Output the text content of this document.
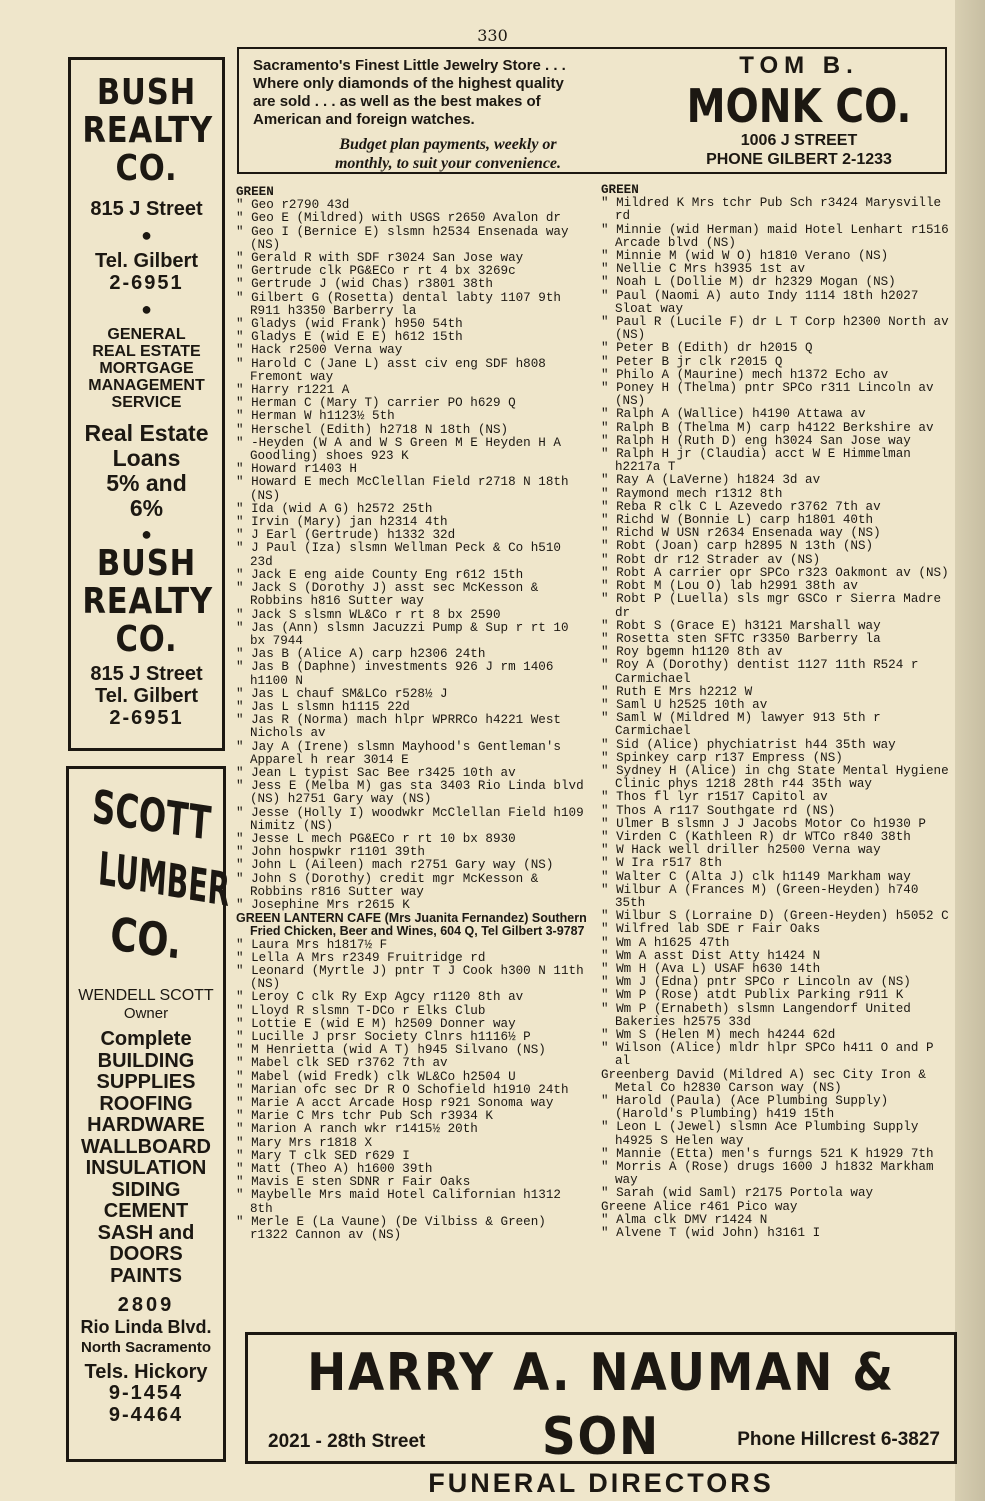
330
BUSH
REALTY
CO.
815 J Street
●
Tel. Gilbert
2-6951
●
GENERAL
REAL ESTATE
MORTGAGE
MANAGEMENT
SERVICE
Real Estate
Loans
5% and
6%
●
BUSH
REALTY
CO.
815 J Street
Tel. Gilbert
2-6951
SCOTT
LUMBER
CO.
WENDELL SCOTT
Owner
Complete
BUILDING
SUPPLIES
ROOFING
HARDWARE
WALLBOARD
INSULATION
SIDING
CEMENT
SASH and
DOORS
PAINTS
2809
Rio Linda Blvd.
North Sacramento
Tels. Hickory
9-1454
9-4464
Sacramento's Finest Little Jewelry Store . . .
Where only diamonds of the highest quality
are sold . . . as well as the best makes of
American and foreign watches.
Budget plan payments, weekly or
monthly, to suit your convenience.
TOM B.
MONK CO.
1006 J STREET
PHONE GILBERT 2-1233
GREEN
" Geo r2790 43d
" Geo E (Mildred) with USGS r2650 Avalon dr
" Geo I (Bernice E) slsmn h2534 Ensenada way (NS)
" Gerald R with SDF r3024 San Jose way
" Gertrude clk PG&ECo r rt 4 bx 3269c
" Gertrude J (wid Chas) r3801 38th
" Gilbert G (Rosetta) dental labty 1107 9th R911 h3350 Barberry la
" Gladys (wid Frank) h950 54th
" Gladys E (wid E E) h612 15th
" Hack r2500 Verna way
" Harold C (Jane L) asst civ eng SDF h808 Fremont way
" Harry r1221 A
" Herman C (Mary T) carrier PO h629 Q
" Herman W h1123½ 5th
" Herschel (Edith) h2718 N 18th (NS)
" -Heyden (W A and W S Green M E Heyden H A Goodling) shoes 923 K
" Howard r1403 H
" Howard E mech McClellan Field r2718 N 18th (NS)
" Ida (wid A G) h2572 25th
" Irvin (Mary) jan h2314 4th
" J Earl (Gertrude) h1332 32d
" J Paul (Iza) slsmn Wellman Peck & Co h510 23d
" Jack E eng aide County Eng r612 15th
" Jack S (Dorothy J) asst sec McKesson & Robbins h816 Sutter way
" Jack S slsmn WL&Co r rt 8 bx 2590
" Jas (Ann) slsmn Jacuzzi Pump & Sup r rt 10 bx 7944
" Jas B (Alice A) carp h2306 24th
" Jas B (Daphne) investments 926 J rm 1406 h1100 N
" Jas L chauf SM&LCo r528½ J
" Jas L slsmn h1115 22d
" Jas R (Norma) mach hlpr WPRRCo h4221 West Nichols av
" Jay A (Irene) slsmn Mayhood's Gentleman's Apparel h rear 3014 E
" Jean L typist Sac Bee r3425 10th av
" Jess E (Melba M) gas sta 3403 Rio Linda blvd (NS) h2751 Gary way (NS)
" Jesse (Holly I) woodwkr McClellan Field h109 Nimitz (NS)
" Jesse L mech PG&ECo r rt 10 bx 8930
" John hospwkr r1101 39th
" John L (Aileen) mach r2751 Gary way (NS)
" John S (Dorothy) credit mgr McKesson & Robbins r816 Sutter way
" Josephine Mrs r2615 K
GREEN LANTERN CAFE (Mrs Juanita Fernandez) Southern Fried Chicken, Beer and Wines, 604 Q, Tel Gilbert 3-9787
" Laura Mrs h1817½ F
" Lella A Mrs r2349 Fruitridge rd
" Leonard (Myrtle J) pntr T J Cook h300 N 11th (NS)
" Leroy C clk Ry Exp Agcy r1120 8th av
" Lloyd R slsmn T-DCo r Elks Club
" Lottie E (wid E M) h2509 Donner way
" Lucille J prsr Society Clnrs h1116½ P
" M Henrietta (wid A T) h945 Silvano (NS)
" Mabel clk SED r3762 7th av
" Mabel (wid Fredk) clk WL&Co h2504 U
" Marian ofc sec Dr R O Schofield h1910 24th
" Marie A acct Arcade Hosp r921 Sonoma way
" Marie C Mrs tchr Pub Sch r3934 K
" Marion A ranch wkr r1415½ 20th
" Mary Mrs r1818 X
" Mary T clk SED r629 I
" Matt (Theo A) h1600 39th
" Mavis E sten SDNR r Fair Oaks
" Maybelle Mrs maid Hotel Californian h1312 8th
" Merle E (La Vaune) (De Vilbiss & Green) r1322 Cannon av (NS)
GREEN
" Mildred K Mrs tchr Pub Sch r3424 Marysville rd
" Minnie (wid Herman) maid Hotel Lenhart r1516 Arcade blvd (NS)
" Minnie M (wid W O) h1810 Verano (NS)
" Nellie C Mrs h3935 1st av
" Noah L (Dollie M) dr h2329 Mogan (NS)
" Paul (Naomi A) auto Indy 1114 18th h2027 Sloat way
" Paul R (Lucile F) dr L T Corp h2300 North av (NS)
" Peter B (Edith) dr h2015 Q
" Peter B jr clk r2015 Q
" Philo A (Maurine) mech h1372 Echo av
" Poney H (Thelma) pntr SPCo r311 Lincoln av (NS)
" Ralph A (Wallice) h4190 Attawa av
" Ralph B (Thelma M) carp h4122 Berkshire av
" Ralph H (Ruth D) eng h3024 San Jose way
" Ralph H jr (Claudia) acct W E Himmelman h2217a T
" Ray A (LaVerne) h1824 3d av
" Raymond mech r1312 8th
" Reba R clk C L Azevedo r3762 7th av
" Richd W (Bonnie L) carp h1801 40th
" Richd W USN r2634 Ensenada way (NS)
" Robt (Joan) carp h2895 N 13th (NS)
" Robt dr r12 Strader av (NS)
" Robt A carrier opr SPCo r323 Oakmont av (NS)
" Robt M (Lou O) lab h2991 38th av
" Robt P (Luella) sls mgr GSCo r Sierra Madre dr
" Robt S (Grace E) h3121 Marshall way
" Rosetta sten SFTC r3350 Barberry la
" Roy bgemn h1120 8th av
" Roy A (Dorothy) dentist 1127 11th R524 r Carmichael
" Ruth E Mrs h2212 W
" Saml U h2525 10th av
" Saml W (Mildred M) lawyer 913 5th r Carmichael
" Sid (Alice) phychiatrist h44 35th way
" Spinkey carp r137 Empress (NS)
" Sydney H (Alice) in chg State Mental Hygiene Clinic phys 1218 28th r44 35th way
" Thos fl lyr r1517 Capitol av
" Thos A r117 Southgate rd (NS)
" Ulmer B slsmn J J Jacobs Motor Co h1930 P
" Virden C (Kathleen R) dr WTCo r840 38th
" W Hack well driller h2500 Verna way
" W Ira r517 8th
" Walter C (Alta J) clk h1149 Markham way
" Wilbur A (Frances M) (Green-Heyden) h740 35th
" Wilbur S (Lorraine D) (Green-Heyden) h5052 C
" Wilfred lab SDE r Fair Oaks
" Wm A h1625 47th
" Wm A asst Dist Atty h1424 N
" Wm H (Ava L) USAF h630 14th
" Wm J (Edna) pntr SPCo r Lincoln av (NS)
" Wm P (Rose) atdt Publix Parking r911 K
" Wm P (Ernabeth) slsmn Langendorf United Bakeries h2575 33d
" Wm S (Helen M) mech h4244 62d
" Wilson (Alice) mldr hlpr SPCo h411 O and P al
Greenberg David (Mildred A) sec City Iron & Metal Co h2830 Carson way (NS)
" Harold (Paula) (Ace Plumbing Supply) (Harold's Plumbing) h419 15th
" Leon L (Jewel) slsmn Ace Plumbing Supply h4925 S Helen way
" Mannie (Etta) men's furngs 521 K h1929 7th
" Morris A (Rose) drugs 1600 J h1832 Markham way
" Sarah (wid Saml) r2175 Portola way
Greene Alice r461 Pico way
" Alma clk DMV r1424 N
" Alvene T (wid John) h3161 I
HARRY A. NAUMAN & SON
FUNERAL DIRECTORS
2021 - 28th Street	Phone Hillcrest 6-3827
